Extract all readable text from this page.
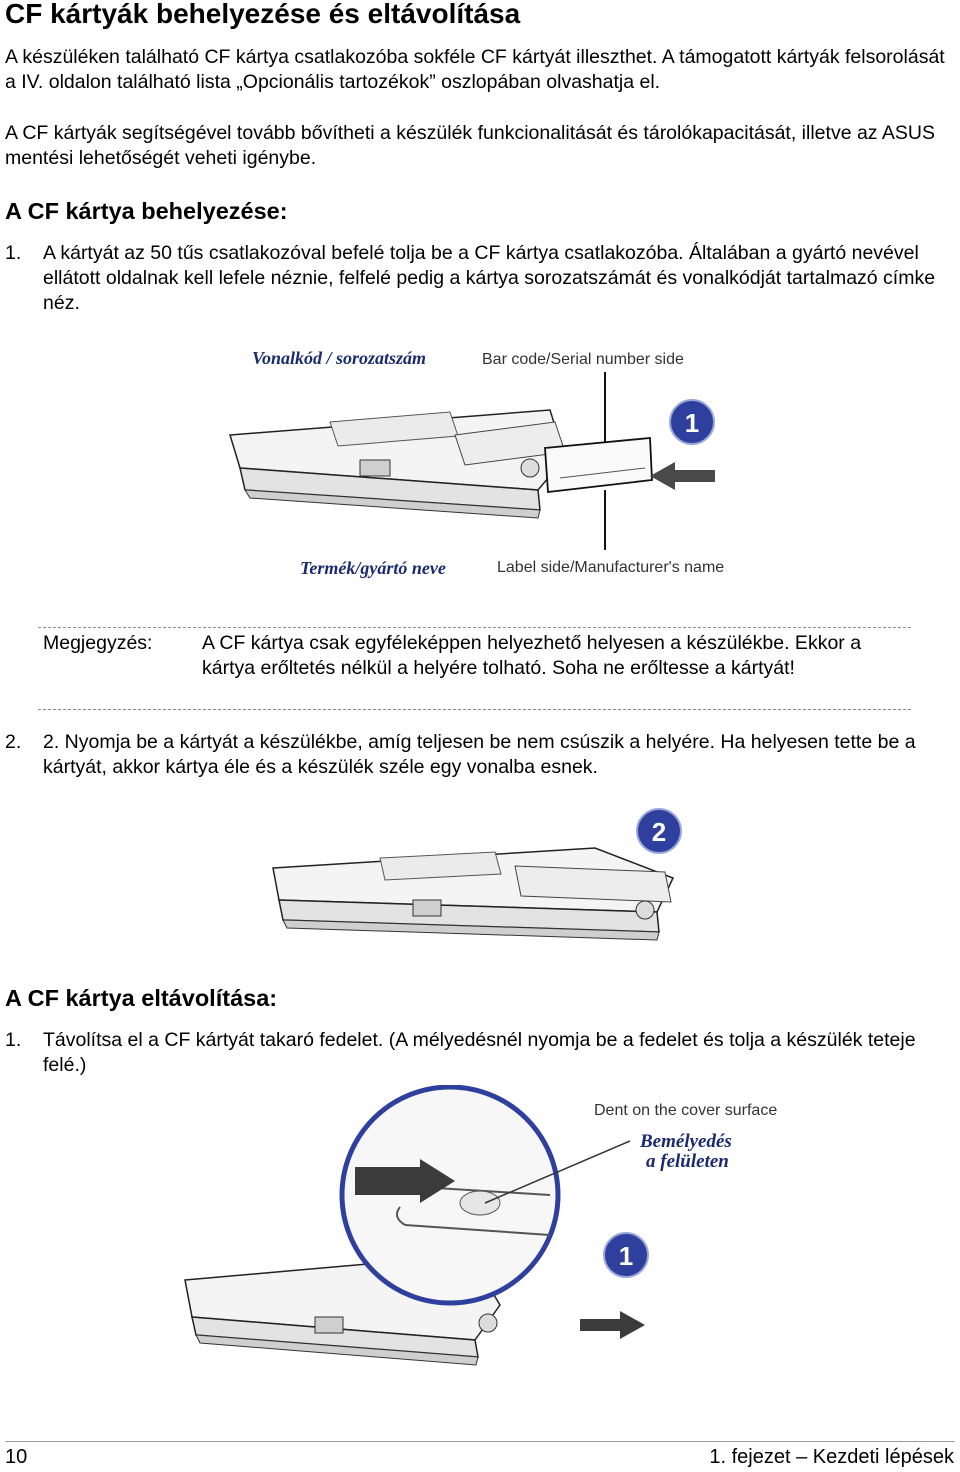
CF kártyák behelyezése és eltávolítása
A készüléken található CF kártya csatlakozóba sokféle CF kártyát illeszthet. A támogatott kártyák felsorolását a IV. oldalon található lista „Opcionális tartozékok” oszlopában olvashatja el.
A CF kártyák segítségével tovább bővítheti a készülék funkcionalitását és tárolókapacitását, illetve az ASUS mentési lehetőségét veheti igénybe.
A CF kártya behelyezése:
1. A kártyát az 50 tűs csatlakozóval befelé tolja be a CF kártya csatlakozóba. Általában a gyártó nevével ellátott oldalnak kell lefele néznie, felfelé pedig a kártya sorozatszámát és vonalkódját tartalmazó címke néz.
Vonalkód / sorozatszám	Bar code/Serial number side
1
Termék/gyártó neve	Label side/Manufacturer's name
Megjegyzés:	A CF kártya csak egyféleképpen helyezhető helyesen a készülékbe. Ekkor a kártya erőltetés nélkül a helyére tolható. Soha ne erőltesse a kártyát!
2. 2. Nyomja be a kártyát a készülékbe, amíg teljesen be nem csúszik a helyére. Ha helyesen tette be a kártyát, akkor kártya éle és a készülék széle egy vonalba esnek.
2
A CF kártya eltávolítása:
1. Távolítsa el a CF kártyát takaró fedelet. (A mélyedésnél nyomja be a fedelet és tolja a készülék teteje felé.)
Dent on the cover surface
Bemélyedés
a felületen
1
10	1. fejezet – Kezdeti lépések
